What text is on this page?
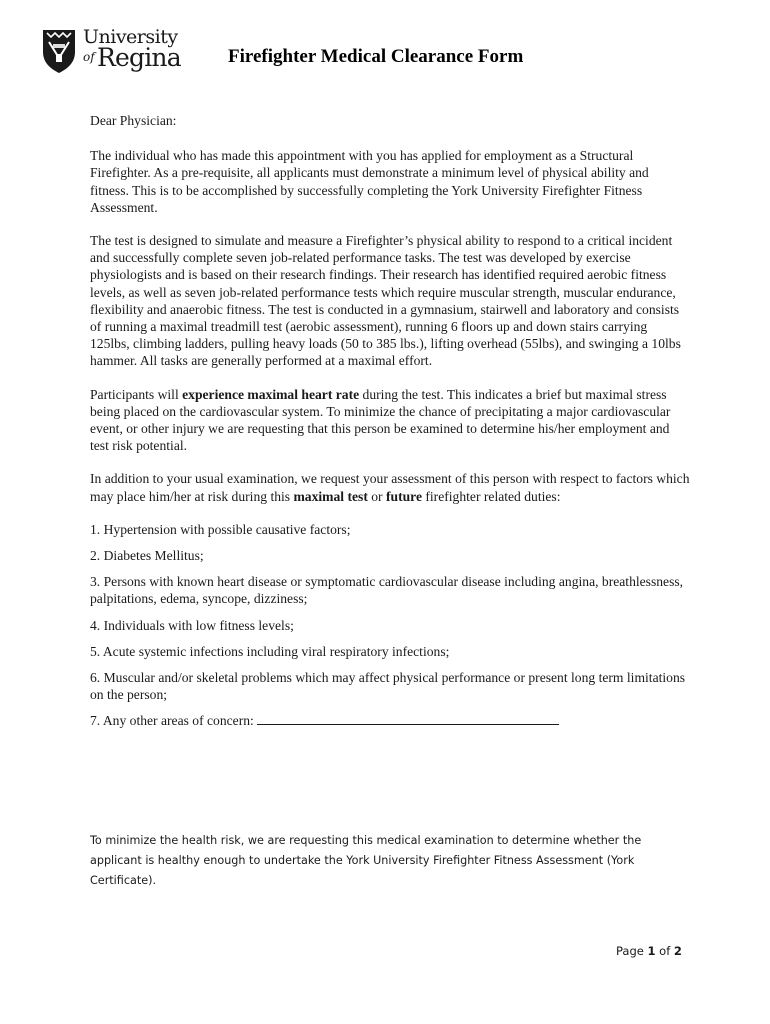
University
of Regina Firefighter Medical Clearance Form

Dear Physician:

The individual who has made this appointment with you has applied for employment as a Structural Firefighter. As a pre-requisite, all applicants must demonstrate a minimum level of physical ability and fitness. This is to be accomplished by successfully completing the York University Firefighter Fitness Assessment.

The test is designed to simulate and measure a Firefighter’s physical ability to respond to a critical incident and successfully complete seven job-related performance tasks. The test was developed by exercise physiologists and is based on their research findings. Their research has identified required aerobic fitness levels, as well as seven job-related performance tests which require muscular strength, muscular endurance, flexibility and anaerobic fitness. The test is conducted in a gymnasium, stairwell and laboratory and consists of running a maximal treadmill test (aerobic assessment), running 6 floors up and down stairs carrying 125lbs, climbing ladders, pulling heavy loads (50 to 385 lbs.), lifting overhead (55lbs), and swinging a 10lbs hammer. All tasks are generally performed at a maximal effort.

Participants will experience maximal heart rate during the test. This indicates a brief but maximal stress being placed on the cardiovascular system. To minimize the chance of precipitating a major cardiovascular event, or other injury we are requesting that this person be examined to determine his/her employment and test risk potential.

In addition to your usual examination, we request your assessment of this person with respect to factors which may place him/her at risk during this maximal test or future firefighter related duties:

1. Hypertension with possible causative factors;

2. Diabetes Mellitus;

3. Persons with known heart disease or symptomatic cardiovascular disease including angina, breathlessness, palpitations, edema, syncope, dizziness;

4. Individuals with low fitness levels;

5. Acute systemic infections including viral respiratory infections;

6. Muscular and/or skeletal problems which may affect physical performance or present long term limitations on the person;

7. Any other areas of concern:

To minimize the health risk, we are requesting this medical examination to determine whether the applicant is healthy enough to undertake the York University Firefighter Fitness Assessment (York Certificate).
Page 1 of 2
